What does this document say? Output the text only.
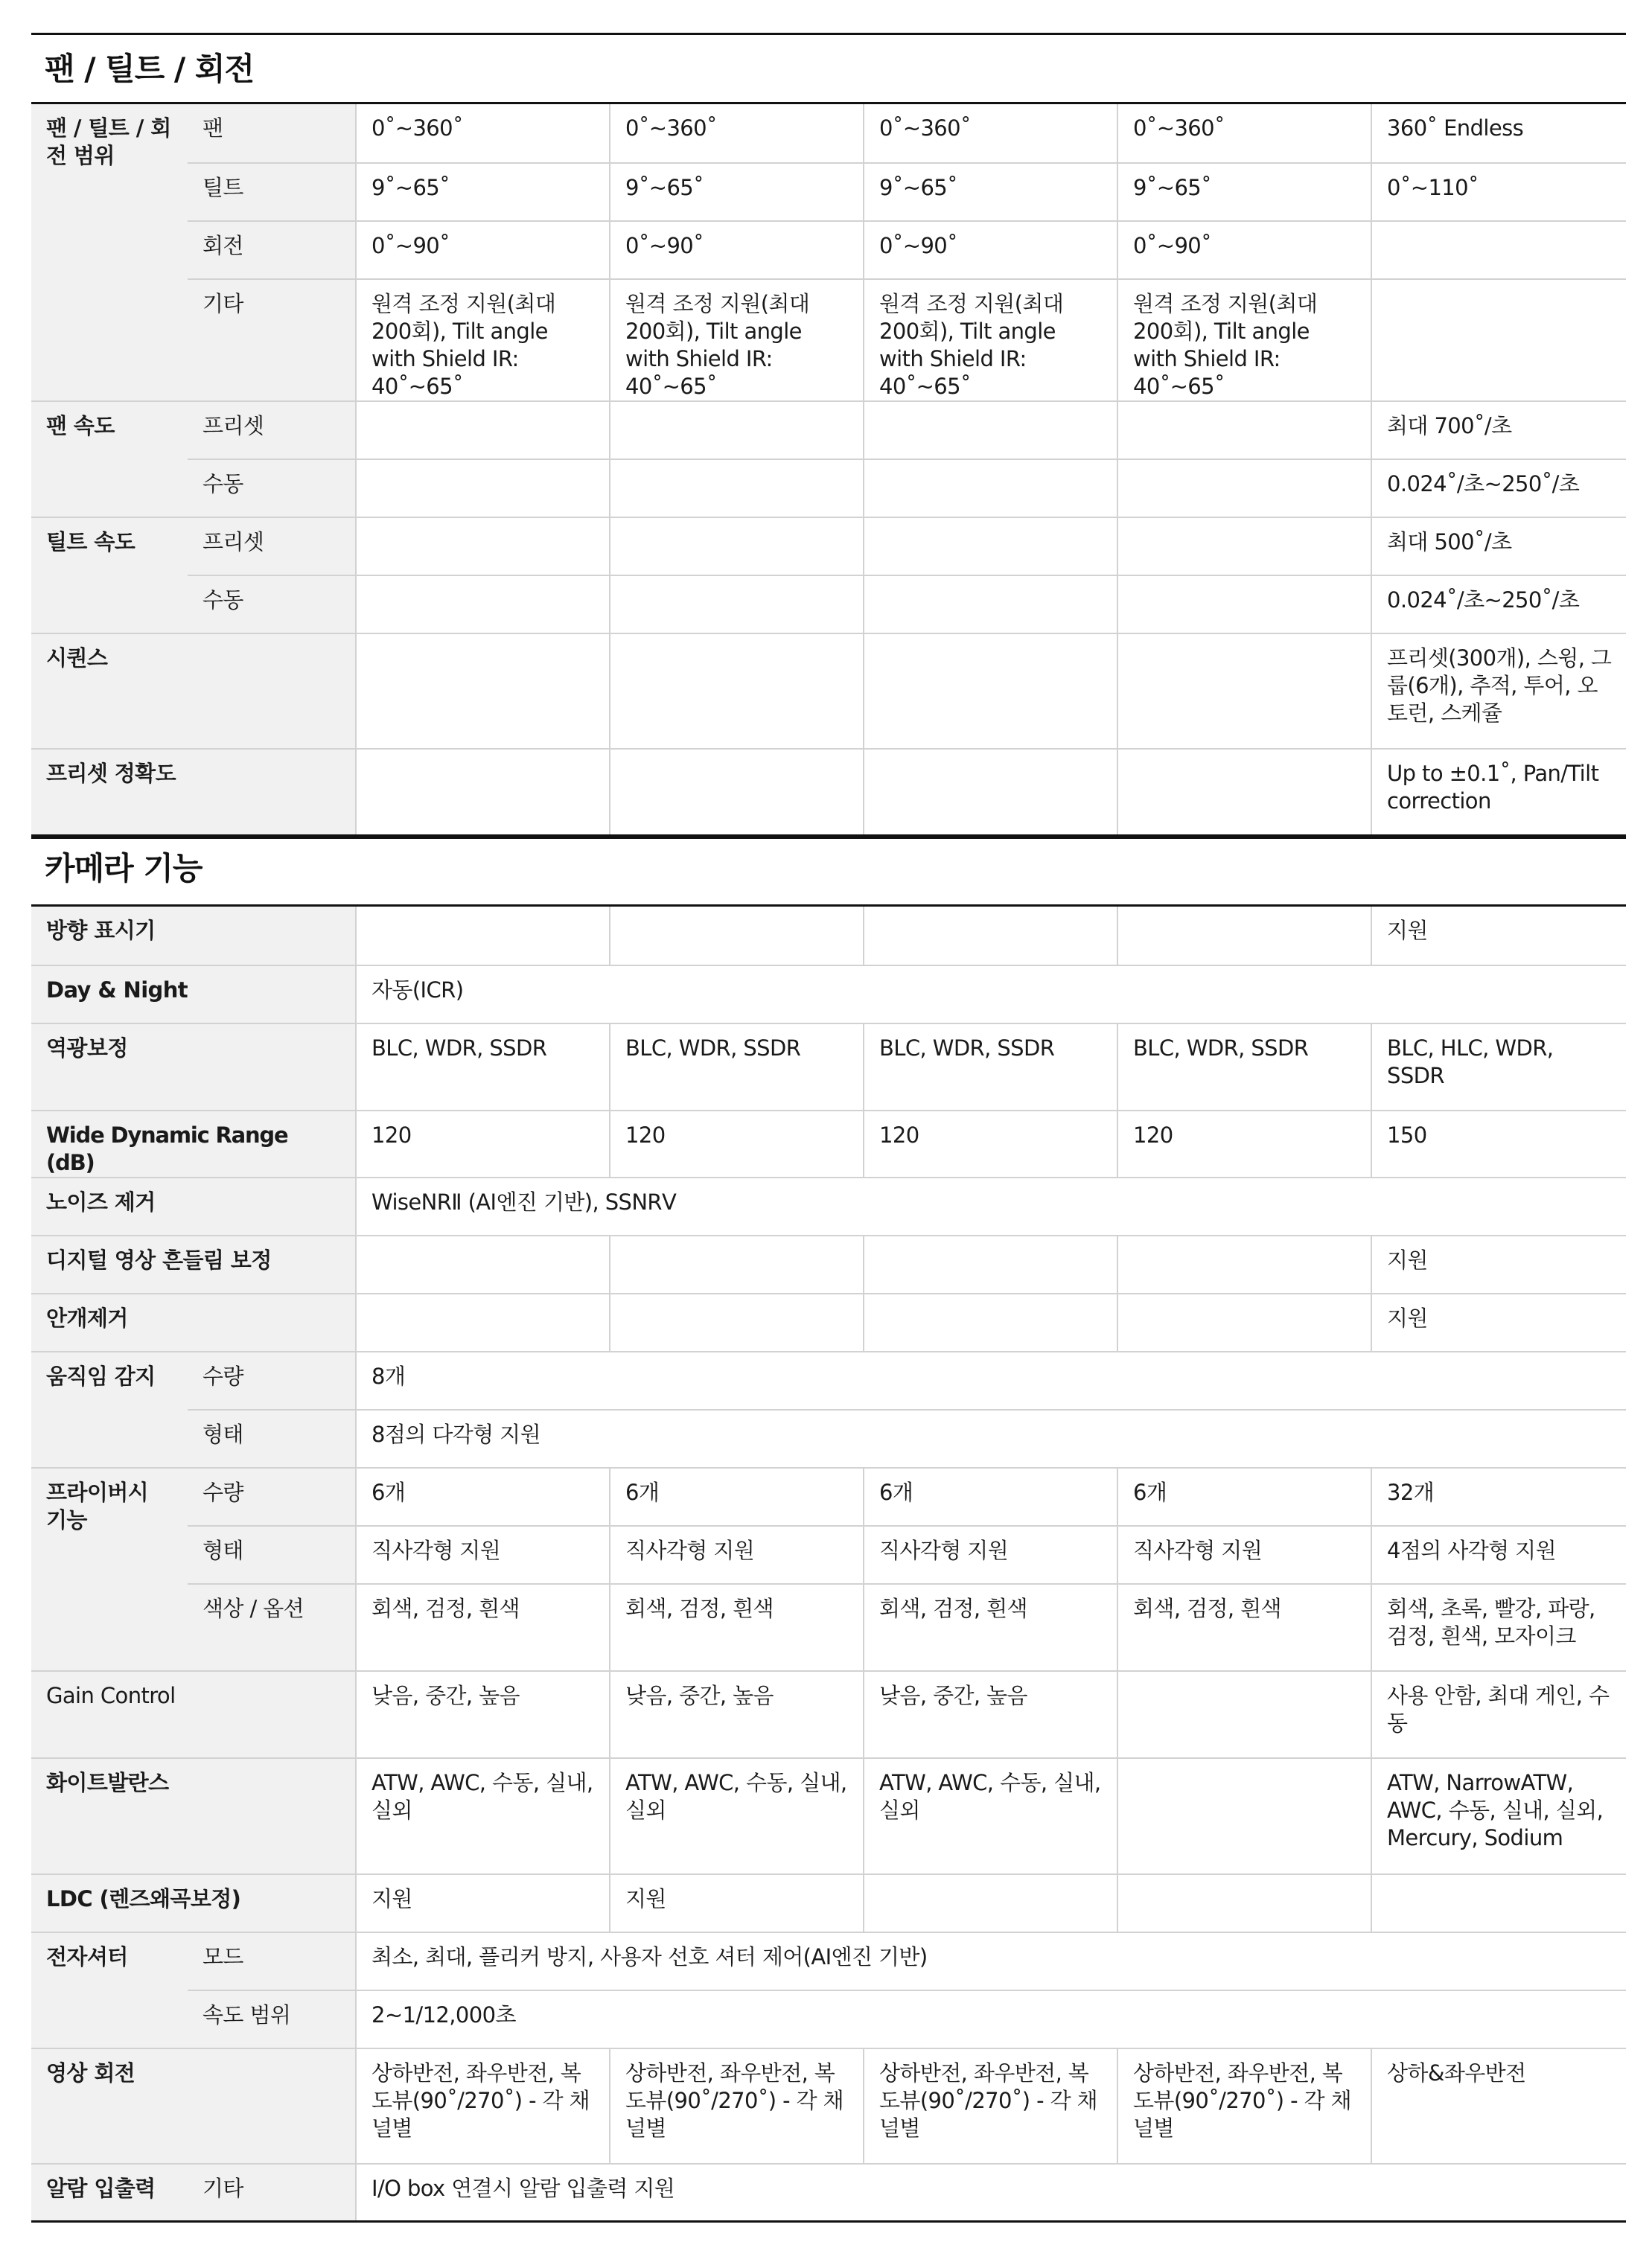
팬 / 틸트 / 회전
팬 / 틸트 / 회전 범위	팬	0˚~360˚	0˚~360˚	0˚~360˚	0˚~360˚	360˚ Endless
	틸트	9˚~65˚	9˚~65˚	9˚~65˚	9˚~65˚	0˚~110˚
	회전	0˚~90˚	0˚~90˚	0˚~90˚	0˚~90˚	
	기타	원격 조정 지원(최대 200회), Tilt angle with Shield IR: 40˚~65˚	원격 조정 지원(최대 200회), Tilt angle with Shield IR: 40˚~65˚	원격 조정 지원(최대 200회), Tilt angle with Shield IR: 40˚~65˚	원격 조정 지원(최대 200회), Tilt angle with Shield IR: 40˚~65˚	
팬 속도	프리셋					최대 700˚/초
	수동					0.024˚/초~250˚/초
틸트 속도	프리셋					최대 500˚/초
	수동					0.024˚/초~250˚/초
시퀀스						프리셋(300개), 스윙, 그룹(6개), 추적, 투어, 오토런, 스케쥴
프리셋 정확도						Up to ±0.1˚, Pan/Tilt correction
카메라 기능
방향 표시기						지원
Day & Night		자동(ICR)				
역광보정		BLC, WDR, SSDR	BLC, WDR, SSDR	BLC, WDR, SSDR	BLC, WDR, SSDR	BLC, HLC, WDR, SSDR
Wide Dynamic Range (dB)		120	120	120	120	150
노이즈 제거		WiseNRⅡ (AI엔진 기반), SSNRⅤ				
디지털 영상 흔들림 보정						지원
안개제거						지원
움직임 감지	수량	8개				
	형태	8점의 다각형 지원				
프라이버시 기능	수량	6개	6개	6개	6개	32개
	형태	직사각형 지원	직사각형 지원	직사각형 지원	직사각형 지원	4점의 사각형 지원
	색상 / 옵션	회색, 검정, 흰색	회색, 검정, 흰색	회색, 검정, 흰색	회색, 검정, 흰색	회색, 초록, 빨강, 파랑, 검정, 흰색, 모자이크
Gain Control		낮음, 중간, 높음	낮음, 중간, 높음	낮음, 중간, 높음		사용 안함, 최대 게인, 수동
화이트발란스		ATW, AWC, 수동, 실내, 실외	ATW, AWC, 수동, 실내, 실외	ATW, AWC, 수동, 실내, 실외		ATW, NarrowATW, AWC, 수동, 실내, 실외, Mercury, Sodium
LDC (렌즈왜곡보정)		지원	지원			
전자셔터	모드	최소, 최대, 플리커 방지, 사용자 선호 셔터 제어(AI엔진 기반)				
	속도 범위	2~1/12,000초				
영상 회전		상하반전, 좌우반전, 복도뷰(90˚/270˚) - 각 채널별	상하반전, 좌우반전, 복도뷰(90˚/270˚) - 각 채널별	상하반전, 좌우반전, 복도뷰(90˚/270˚) - 각 채널별	상하반전, 좌우반전, 복도뷰(90˚/270˚) - 각 채널별	상하&좌우반전
알람 입출력	기타	I/O box 연결시 알람 입출력 지원				
